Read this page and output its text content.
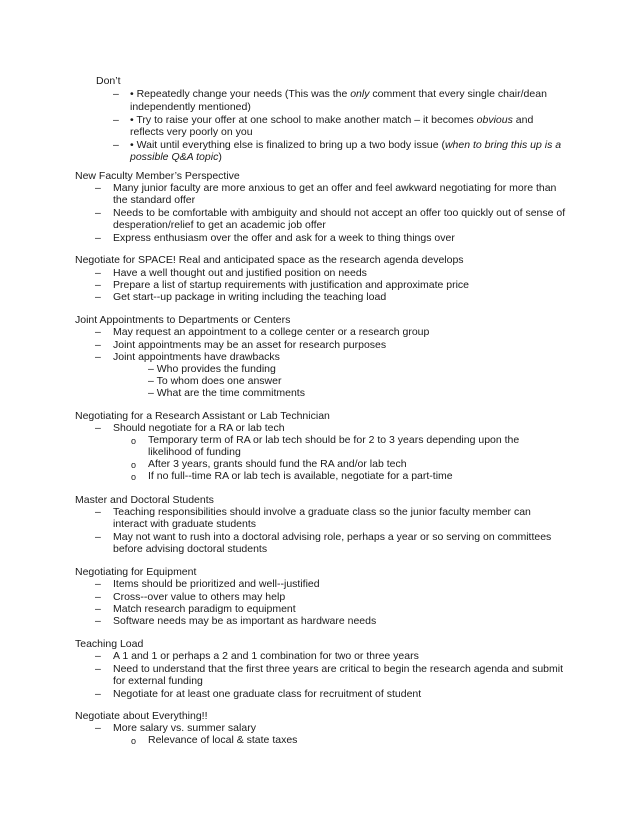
Don’t
– • Repeatedly change your needs (This was the only comment that every single chair/dean
independently mentioned)
– • Try to raise your offer at one school to make another match – it becomes obvious and
reflects very poorly on you
– • Wait until everything else is finalized to bring up a two body issue (when to bring this up is a
possible Q&A topic)
New Faculty Member’s Perspective
– Many junior faculty are more anxious to get an offer and feel awkward negotiating for more than
the standard offer
– Needs to be comfortable with ambiguity and should not accept an offer too quickly out of sense of
desperation/relief to get an academic job offer
– Express enthusiasm over the offer and ask for a week to thing things over
Negotiate for SPACE! Real and anticipated space as the research agenda develops
– Have a well thought out and justified position on needs
– Prepare a list of startup requirements with justification and approximate price
– Get start--up package in writing including the teaching load
Joint Appointments to Departments or Centers
– May request an appointment to a college center or a research group
– Joint appointments may be an asset for research purposes
– Joint appointments have drawbacks
– Who provides the funding
– To whom does one answer
– What are the time commitments
Negotiating for a Research Assistant or Lab Technician
– Should negotiate for a RA or lab tech
o Temporary term of RA or lab tech should be for 2 to 3 years depending upon the
likelihood of funding
o After 3 years, grants should fund the RA and/or lab tech
o If no full--time RA or lab tech is available, negotiate for a part-time
Master and Doctoral Students
– Teaching responsibilities should involve a graduate class so the junior faculty member can
interact with graduate students
– May not want to rush into a doctoral advising role, perhaps a year or so serving on committees
before advising doctoral students
Negotiating for Equipment
– Items should be prioritized and well--justified
– Cross--over value to others may help
– Match research paradigm to equipment
– Software needs may be as important as hardware needs
Teaching Load
– A 1 and 1 or perhaps a 2 and 1 combination for two or three years
– Need to understand that the first three years are critical to begin the research agenda and submit
for external funding
– Negotiate for at least one graduate class for recruitment of student
Negotiate about Everything!!
– More salary vs. summer salary
o Relevance of local & state taxes
